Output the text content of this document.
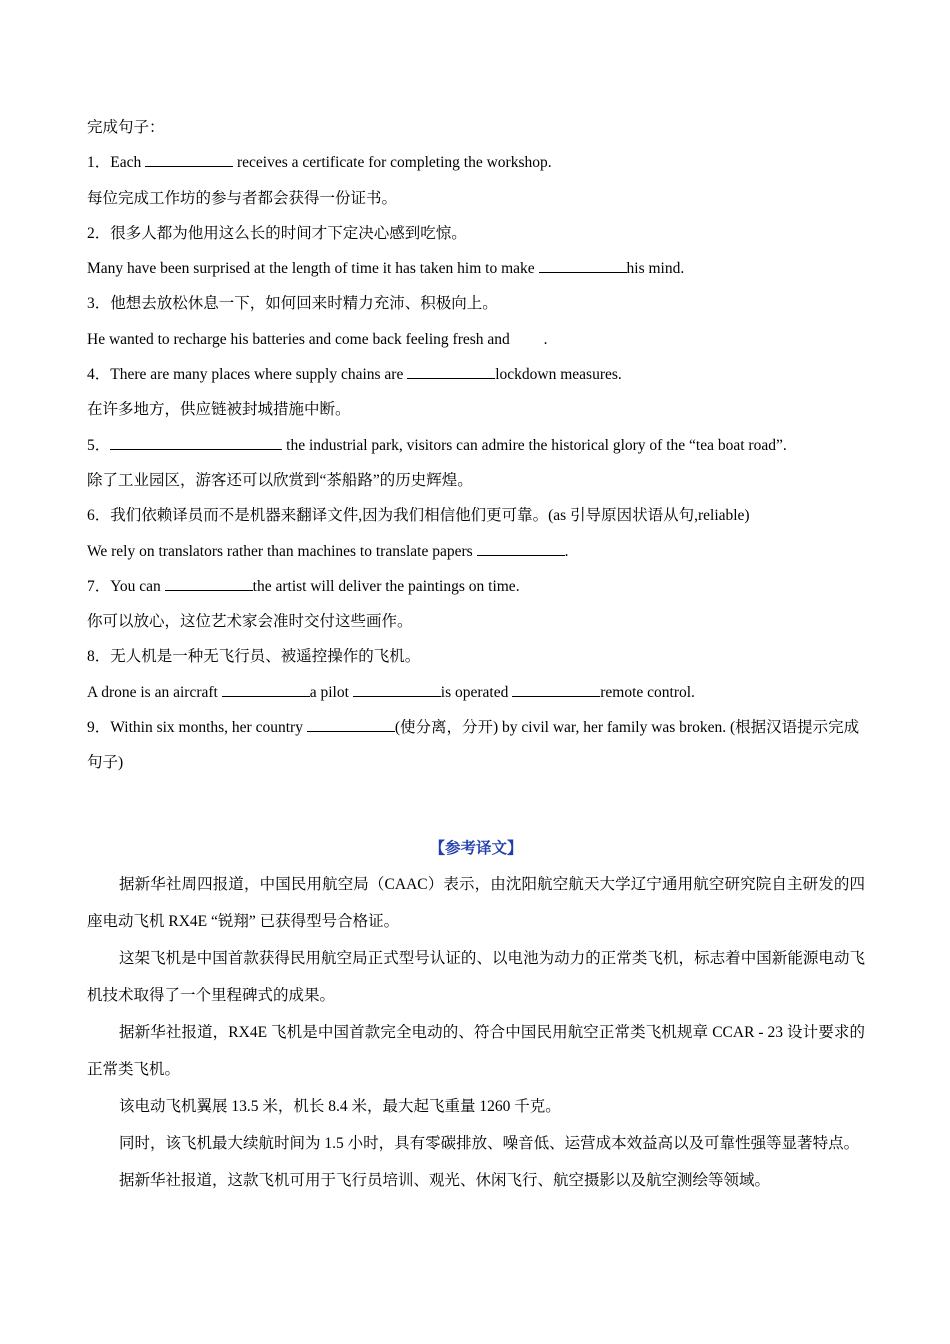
完成句子：
1．Each	receives a certificate for completing the workshop.
每位完成工作坊的参与者都会获得一份证书。
2．很多人都为他用这么长的时间才下定决心感到吃惊。
Many have been surprised at the length of time it has taken him to make	his mind.
3．他想去放松休息一下，如何回来时精力充沛、积极向上。
He wanted to recharge his batteries and come back feeling fresh and .
4．There are many places where supply chains are	lockdown measures.
在许多地方，供应链被封城措施中断。
5．	the industrial park, visitors can admire the historical glory of the “tea boat road”.
除了工业园区，游客还可以欣赏到“茶船路”的历史辉煌。
6．我们依赖译员而不是机器来翻译文件,因为我们相信他们更可靠。(as 引导原因状语从句,reliable)
We rely on translators rather than machines to translate papers	.
7．You can	the artist will deliver the paintings on time.
你可以放心，这位艺术家会准时交付这些画作。
8．无人机是一种无飞行员、被遥控操作的飞机。
A drone is an aircraft	a pilot	is operated	remote control.
9．Within six months, her country	(使分离，分开) by civil war, her family was broken. (根据汉语提示完成句子)
【参考译文】
据新华社周四报道，中国民用航空局（CAAC）表示，由沈阳航空航天大学辽宁通用航空研究院自主研发的四座电动飞机 RX4E “锐翔” 已获得型号合格证。
这架飞机是中国首款获得民用航空局正式型号认证的、以电池为动力的正常类飞机，标志着中国新能源电动飞机技术取得了一个里程碑式的成果。
据新华社报道，RX4E 飞机是中国首款完全电动的、符合中国民用航空正常类飞机规章 CCAR - 23 设计要求的正常类飞机。
该电动飞机翼展 13.5 米，机长 8.4 米，最大起飞重量 1260 千克。
同时，该飞机最大续航时间为 1.5 小时，具有零碳排放、噪音低、运营成本效益高以及可靠性强等显著特点。
据新华社报道，这款飞机可用于飞行员培训、观光、休闲飞行、航空摄影以及航空测绘等领域。
